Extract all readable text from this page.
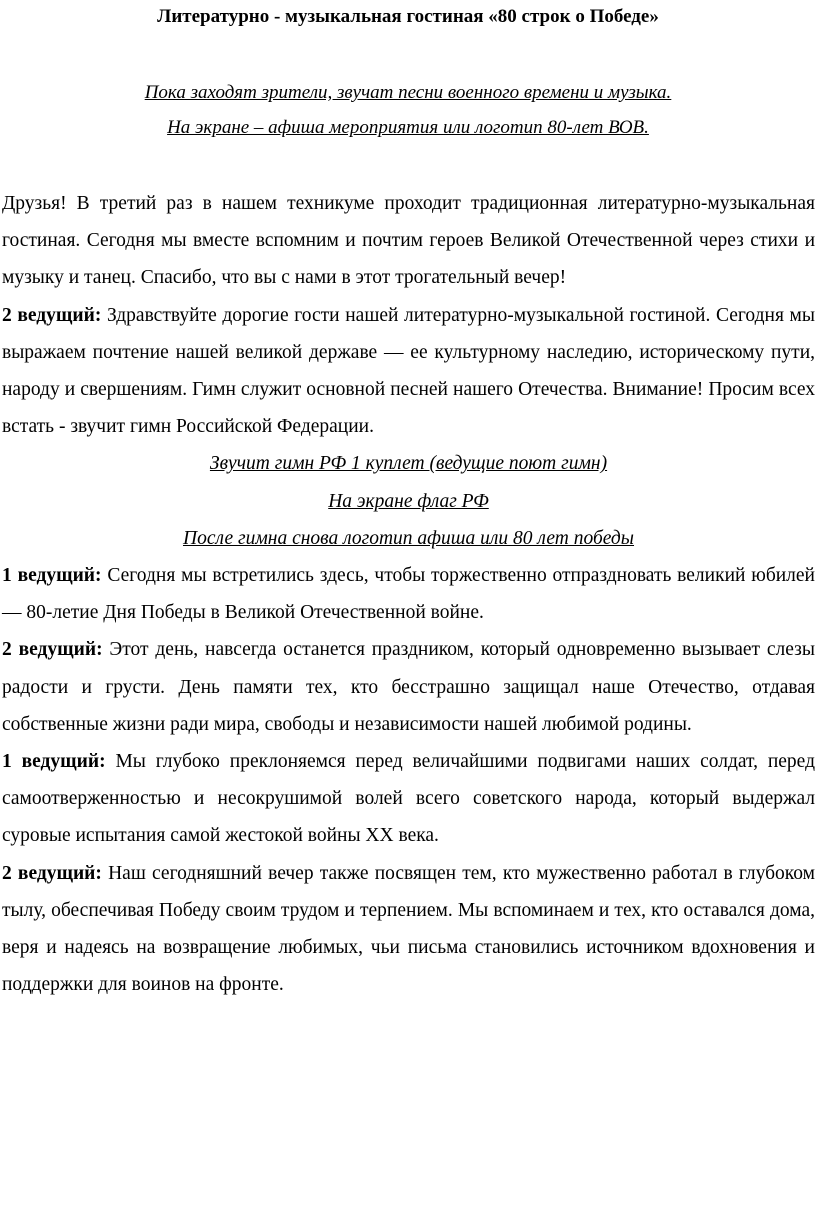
Литературно - музыкальная гостиная «80 строк о Победе»
Пока заходят зрители, звучат песни военного времени и музыка.
На экране – афиша мероприятия или логотип 80-лет ВОВ.

Друзья! В третий раз в нашем техникуме проходит традиционная литературно-музыкальная гостиная. Сегодня мы вместе вспомним и почтим героев Великой Отечественной через стихи и музыку и танец. Спасибо, что вы с нами в этот трогательный вечер!

2 ведущий: Здравствуйте дорогие гости нашей литературно-музыкальной гостиной. Сегодня мы выражаем почтение нашей великой державе — ее культурному наследию, историческому пути, народу и свершениям. Гимн служит основной песней нашего Отечества. Внимание! Просим всех встать - звучит гимн Российской Федерации.

Звучит гимн РФ 1 куплет (ведущие поют гимн)

На экране флаг РФ

После гимна снова логотип афиша или 80 лет победы

1 ведущий: Сегодня мы встретились здесь, чтобы торжественно отпраздновать великий юбилей — 80-летие Дня Победы в Великой Отечественной войне.

2 ведущий: Этот день, навсегда останется праздником, который одновременно вызывает слезы радости и грусти. День памяти тех, кто бесстрашно защищал наше Отечество, отдавая собственные жизни ради мира, свободы и независимости нашей любимой родины.

1 ведущий: Мы глубоко преклоняемся перед величайшими подвигами наших солдат, перед самоотверженностью и несокрушимой волей всего советского народа, который выдержал суровые испытания самой жестокой войны XX века.

2 ведущий: Наш сегодняшний вечер также посвящен тем, кто мужественно работал в глубоком тылу, обеспечивая Победу своим трудом и терпением. Мы вспоминаем и тех, кто оставался дома, веря и надеясь на возвращение любимых, чьи письма становились источником вдохновения и поддержки для воинов на фронте.
